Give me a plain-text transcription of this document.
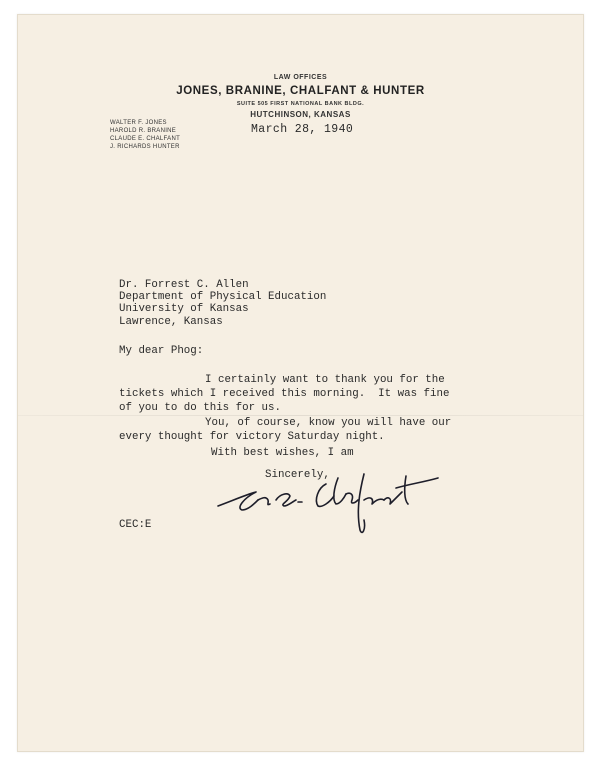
LAW OFFICES
JONES, BRANINE, CHALFANT & HUNTER
SUITE 505 FIRST NATIONAL BANK BLDG.
HUTCHINSON, KANSAS
WALTER F. JONES
HAROLD R. BRANINE
CLAUDE E. CHALFANT
J. RICHARDS HUNTER
March 28, 1940
Dr. Forrest C. Allen
Department of Physical Education
University of Kansas
Lawrence, Kansas
My dear Phog:
I certainly want to thank you for the
tickets which I received this morning.  It was fine
of you to do this for us.
You, of course, know you will have our
every thought for victory Saturday night.
With best wishes, I am
Sincerely,
CEC:E
